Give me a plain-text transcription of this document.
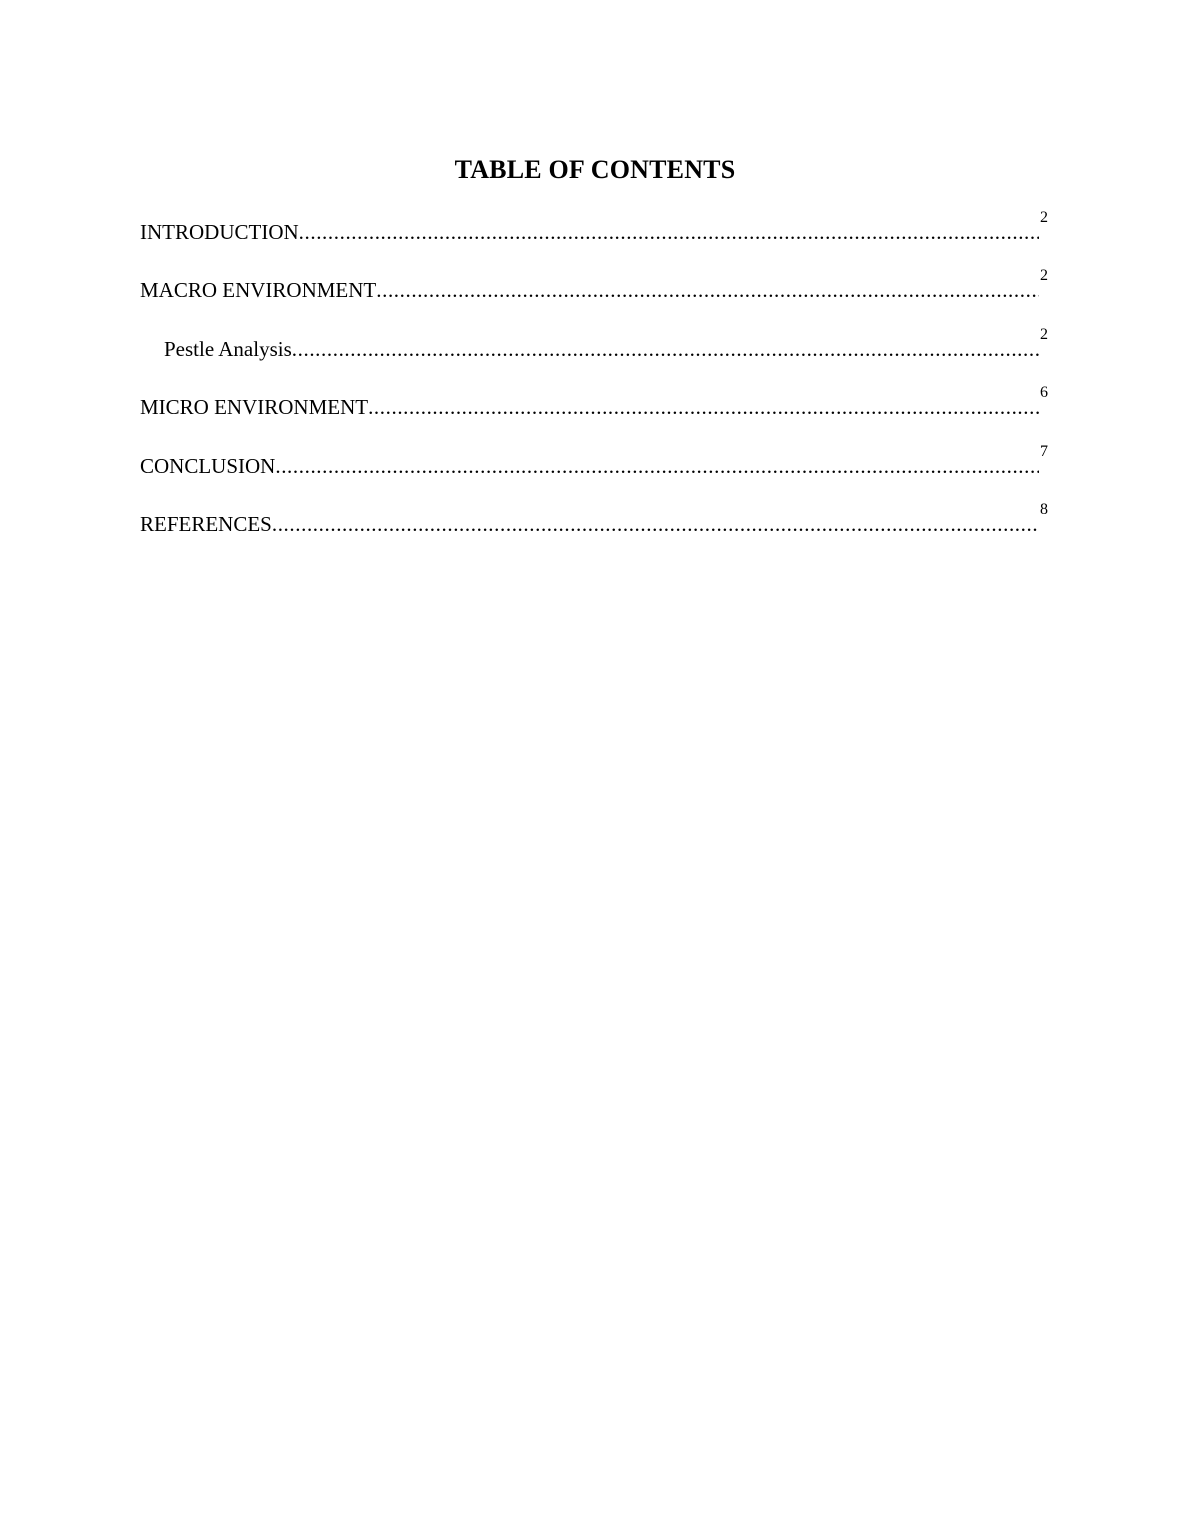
TABLE OF CONTENTS
INTRODUCTION
.....
2
MACRO ENVIRONMENT
.....
2
Pestle Analysis
.....
2
MICRO ENVIRONMENT
.....
6
CONCLUSION
.....
7
REFERENCES
.....
8
